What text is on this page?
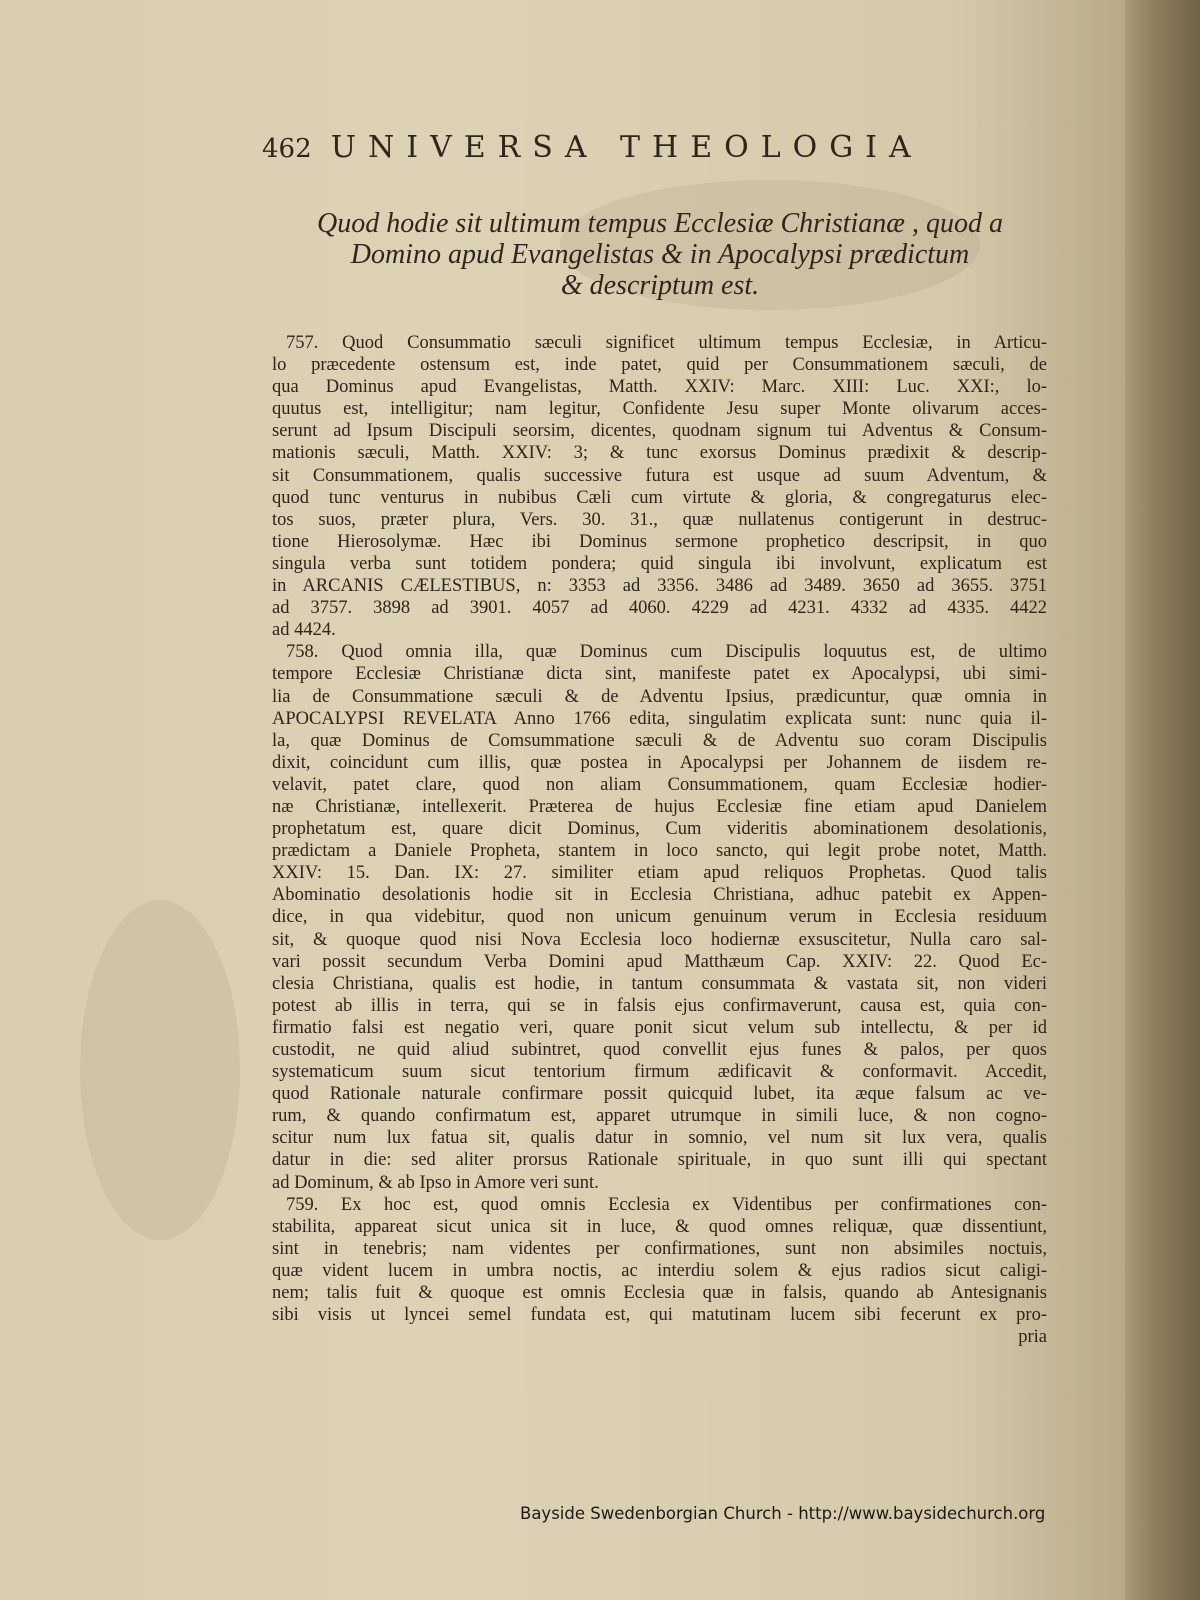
462 UNIVERSA THEOLOGIA
Quod hodie sit ultimum tempus Ecclesiæ Christianæ , quod a
Domino apud Evangelistas & in Apocalypsi prædictum
& descriptum est.
757. Quod Consummatio sæculi significet ultimum tempus Ecclesiæ, in Articu-
lo præcedente ostensum est, inde patet, quid per Consummationem sæculi, de
qua Dominus apud Evangelistas, Matth. XXIV: Marc. XIII: Luc. XXI:, lo-
quutus est, intelligitur; nam legitur, Confidente Jesu super Monte olivarum acces-
serunt ad Ipsum Discipuli seorsim, dicentes, quodnam signum tui Adventus & Consum-
mationis sæculi, Matth. XXIV: 3; & tunc exorsus Dominus prædixit & descrip-
sit Consummationem, qualis successive futura est usque ad suum Adventum, &
quod tunc venturus in nubibus Cæli cum virtute & gloria, & congregaturus elec-
tos suos, præter plura, Vers. 30. 31., quæ nullatenus contigerunt in destruc-
tione Hierosolymæ. Hæc ibi Dominus sermone prophetico descripsit, in quo
singula verba sunt totidem pondera; quid singula ibi involvunt, explicatum est
in ARCANIS CÆLESTIBUS, n: 3353 ad 3356. 3486 ad 3489. 3650 ad 3655. 3751
ad 3757. 3898 ad 3901. 4057 ad 4060. 4229 ad 4231. 4332 ad 4335. 4422
ad 4424.
758. Quod omnia illa, quæ Dominus cum Discipulis loquutus est, de ultimo
tempore Ecclesiæ Christianæ dicta sint, manifeste patet ex Apocalypsi, ubi simi-
lia de Consummatione sæculi & de Adventu Ipsius, prædicuntur, quæ omnia in
APOCALYPSI REVELATA Anno 1766 edita, singulatim explicata sunt: nunc quia il-
la, quæ Dominus de Comsummatione sæculi & de Adventu suo coram Discipulis
dixit, coincidunt cum illis, quæ postea in Apocalypsi per Johannem de iisdem re-
velavit, patet clare, quod non aliam Consummationem, quam Ecclesiæ hodier-
næ Christianæ, intellexerit. Præterea de hujus Ecclesiæ fine etiam apud Danielem
prophetatum est, quare dicit Dominus, Cum videritis abominationem desolationis,
prædictam a Daniele Propheta, stantem in loco sancto, qui legit probe notet, Matth.
XXIV: 15. Dan. IX: 27. similiter etiam apud reliquos Prophetas. Quod talis
Abominatio desolationis hodie sit in Ecclesia Christiana, adhuc patebit ex Appen-
dice, in qua videbitur, quod non unicum genuinum verum in Ecclesia residuum
sit, & quoque quod nisi Nova Ecclesia loco hodiernæ exsuscitetur, Nulla caro sal-
vari possit secundum Verba Domini apud Matthæum Cap. XXIV: 22. Quod Ec-
clesia Christiana, qualis est hodie, in tantum consummata & vastata sit, non videri
potest ab illis in terra, qui se in falsis ejus confirmaverunt, causa est, quia con-
firmatio falsi est negatio veri, quare ponit sicut velum sub intellectu, & per id
custodit, ne quid aliud subintret, quod convellit ejus funes & palos, per quos
systematicum suum sicut tentorium firmum ædificavit & conformavit. Accedit,
quod Rationale naturale confirmare possit quicquid lubet, ita æque falsum ac ve-
rum, & quando confirmatum est, apparet utrumque in simili luce, & non cogno-
scitur num lux fatua sit, qualis datur in somnio, vel num sit lux vera, qualis
datur in die: sed aliter prorsus Rationale spirituale, in quo sunt illi qui spectant
ad Dominum, & ab Ipso in Amore veri sunt.
759. Ex hoc est, quod omnis Ecclesia ex Videntibus per confirmationes con-
stabilita, appareat sicut unica sit in luce, & quod omnes reliquæ, quæ dissentiunt,
sint in tenebris; nam videntes per confirmationes, sunt non absimiles noctuis,
quæ vident lucem in umbra noctis, ac interdiu solem & ejus radios sicut caligi-
nem; talis fuit & quoque est omnis Ecclesia quæ in falsis, quando ab Antesignanis
sibi visis ut lyncei semel fundata est, qui matutinam lucem sibi fecerunt ex pro-
pria
Bayside Swedenborgian Church - http://www.baysidechurch.org
